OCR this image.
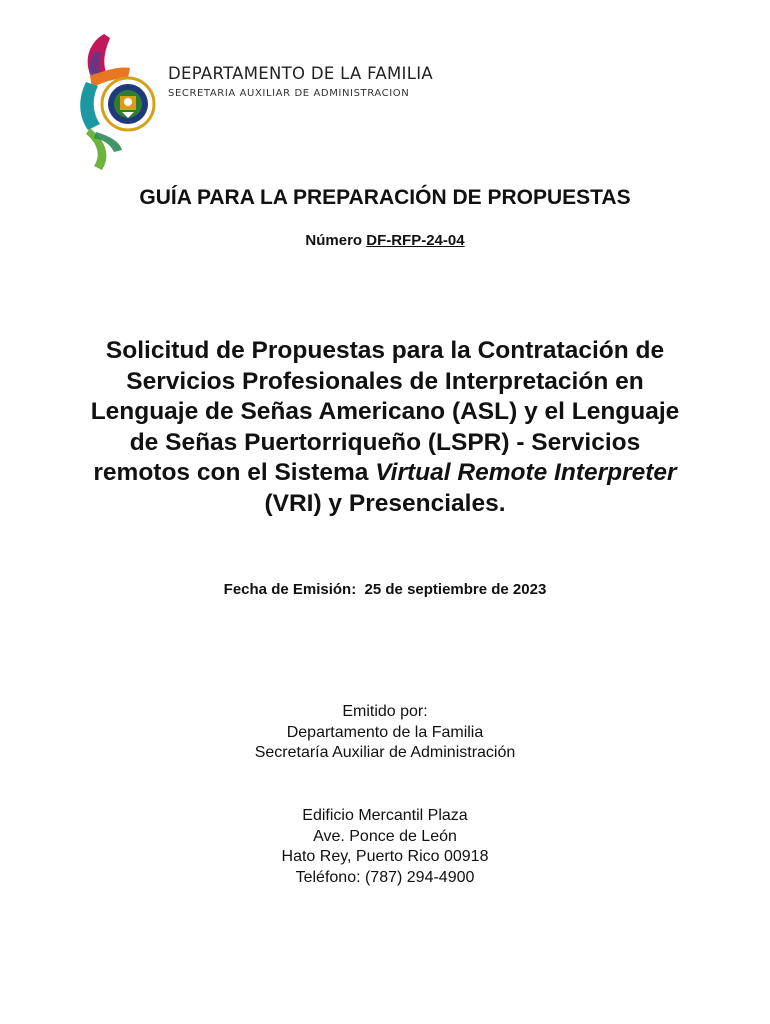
DEPARTAMENTO DE LA FAMILIA
SECRETARIA AUXILIAR DE ADMINISTRACION
GUÍA PARA LA PREPARACIÓN DE PROPUESTAS
Número DF-RFP-24-04
Solicitud de Propuestas para la Contratación de
Servicios Profesionales de Interpretación en
Lenguaje de Señas Americano (ASL) y el Lenguaje
de Señas Puertorriqueño (LSPR) - Servicios
remotos con el Sistema Virtual Remote Interpreter
(VRI) y Presenciales.
Fecha de Emisión:  25 de septiembre de 2023
Emitido por:
Departamento de la Familia
Secretaría Auxiliar de Administración
Edificio Mercantil Plaza
Ave. Ponce de León
Hato Rey, Puerto Rico 00918
Teléfono: (787) 294-4900
